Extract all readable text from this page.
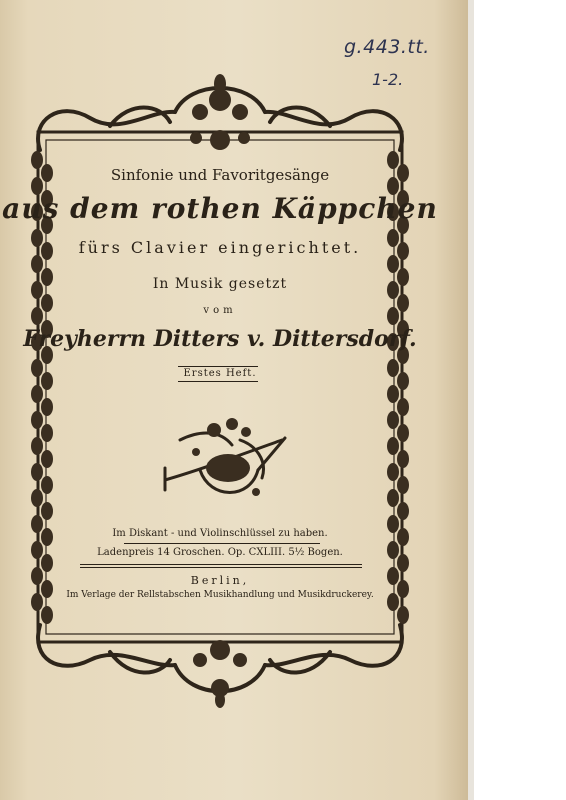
g.443.tt.
1-2.
Sinfonie und Favoritgesänge
aus dem rothen Käppchen
fürs Clavier eingerichtet.
In Musik gesetzt
vom
Freyherrn Ditters v. Dittersdorf.
Erstes Heft.
Im Diskant - und Violinschlüssel zu haben.
Ladenpreis 14 Groschen. Op. CXLIII. 5½ Bogen.
Berlin,
Im Verlage der Rellstabschen Musikhandlung und Musikdruckerey.
